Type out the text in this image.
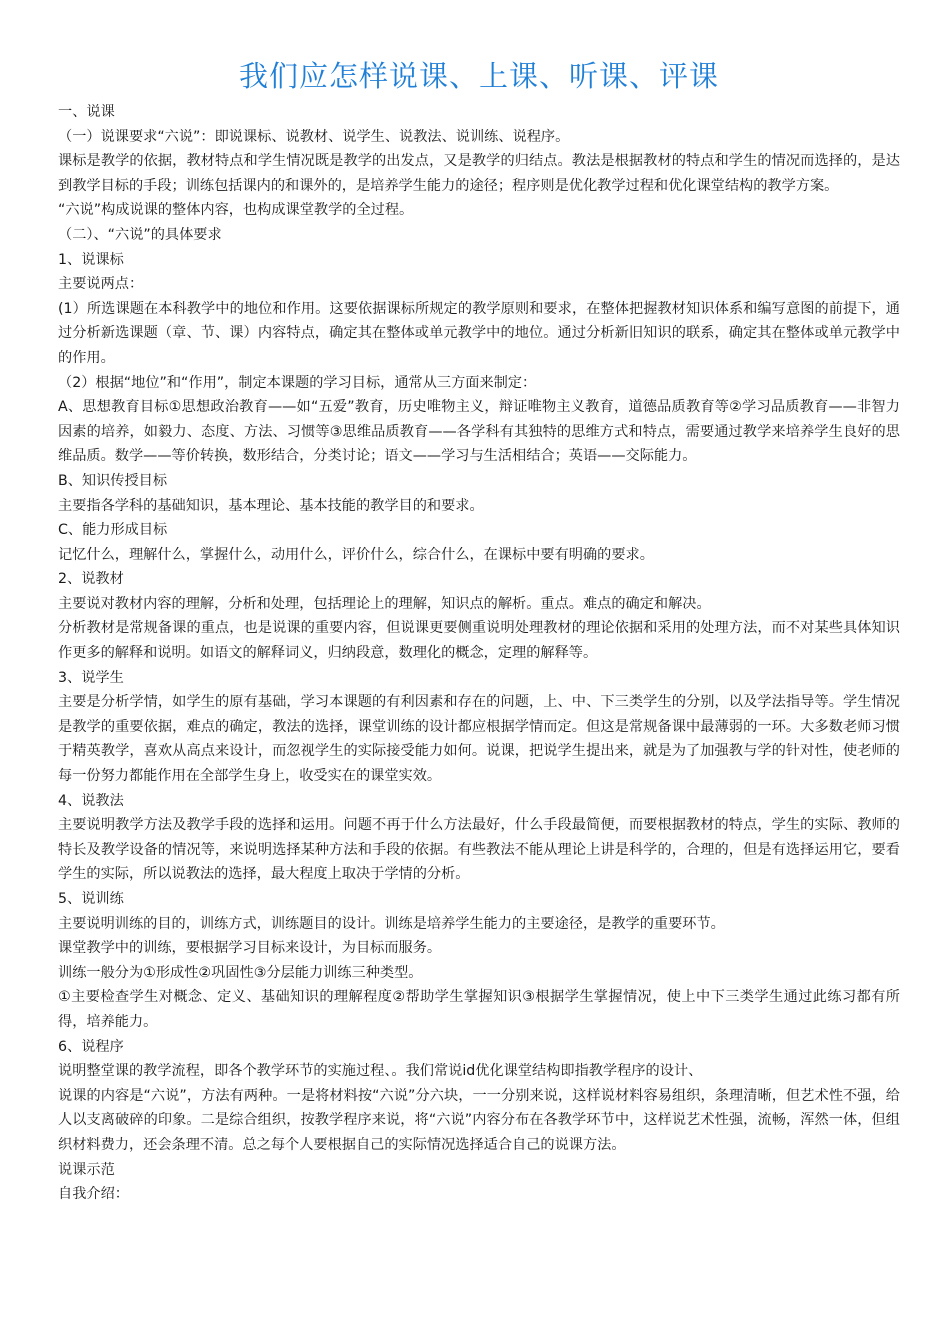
我们应怎样说课、上课、听课、评课

一、说课

（一）说课要求“六说”：即说课标、说教材、说学生、说教法、说训练、说程序。

课标是教学的依据，教材特点和学生情况既是教学的出发点，又是教学的归结点。教法是根据教材的特点和学生的情况而选择的，是达到教学目标的手段；训练包括课内的和课外的，是培养学生能力的途径；程序则是优化教学过程和优化课堂结构的教学方案。

“六说”构成说课的整体内容，也构成课堂教学的全过程。

（二）、“六说”的具体要求

1、说课标

主要说两点：

(1）所选课题在本科教学中的地位和作用。这要依据课标所规定的教学原则和要求，在整体把握教材知识体系和编写意图的前提下，通过分析新选课题（章、节、课）内容特点，确定其在整体或单元教学中的地位。通过分析新旧知识的联系，确定其在整体或单元教学中的作用。

（2）根据“地位”和“作用”，制定本课题的学习目标，通常从三方面来制定：

A、思想教育目标①思想政治教育——如“五爱”教育，历史唯物主义，辩证唯物主义教育，道德品质教育等②学习品质教育——非智力因素的培养，如毅力、态度、方法、习惯等③思维品质教育——各学科有其独特的思维方式和特点，需要通过教学来培养学生良好的思维品质。数学——等价转换，数形结合，分类讨论；语文——学习与生活相结合；英语——交际能力。

B、知识传授目标

主要指各学科的基础知识，基本理论、基本技能的教学目的和要求。

C、能力形成目标

记忆什么，理解什么，掌握什么，动用什么，评价什么，综合什么，在课标中要有明确的要求。

2、说教材

主要说对教材内容的理解，分析和处理，包括理论上的理解，知识点的解析。重点。难点的确定和解决。

分析教材是常规备课的重点，也是说课的重要内容，但说课更要侧重说明处理教材的理论依据和采用的处理方法，而不对某些具体知识作更多的解释和说明。如语文的解释词义，归纳段意，数理化的概念，定理的解释等。

3、说学生

主要是分析学情，如学生的原有基础，学习本课题的有利因素和存在的问题，上、中、下三类学生的分别，以及学法指导等。学生情况是教学的重要依据，难点的确定，教法的选择，课堂训练的设计都应根据学情而定。但这是常规备课中最薄弱的一环。大多数老师习惯于精英教学，喜欢从高点来设计，而忽视学生的实际接受能力如何。说课，把说学生提出来，就是为了加强教与学的针对性，使老师的每一份努力都能作用在全部学生身上，收受实在的课堂实效。

4、说教法

主要说明教学方法及教学手段的选择和运用。问题不再于什么方法最好，什么手段最简便，而要根据教材的特点，学生的实际、教师的特长及教学设备的情况等，来说明选择某种方法和手段的依据。有些教法不能从理论上讲是科学的，合理的，但是有选择运用它，要看学生的实际，所以说教法的选择，最大程度上取决于学情的分析。

5、说训练

主要说明训练的目的，训练方式，训练题目的设计。训练是培养学生能力的主要途径，是教学的重要环节。

课堂教学中的训练，要根据学习目标来设计，为目标而服务。

训练一般分为①形成性②巩固性③分层能力训练三种类型。

①主要检查学生对概念、定义、基础知识的理解程度②帮助学生掌握知识③根据学生掌握情况，使上中下三类学生通过此练习都有所得，培养能力。

6、说程序

说明整堂课的教学流程，即各个教学环节的实施过程、。我们常说id优化课堂结构即指教学程序的设计、

说课的内容是“六说”，方法有两种。一是将材料按“六说”分六块，一一分别来说，这样说材料容易组织，条理清晰，但艺术性不强，给人以支离破碎的印象。二是综合组织，按教学程序来说，将“六说”内容分布在各教学环节中，这样说艺术性强，流畅，浑然一体，但组织材料费力，还会条理不清。总之每个人要根据自己的实际情况选择适合自己的说课方法。

说课示范

自我介绍：
